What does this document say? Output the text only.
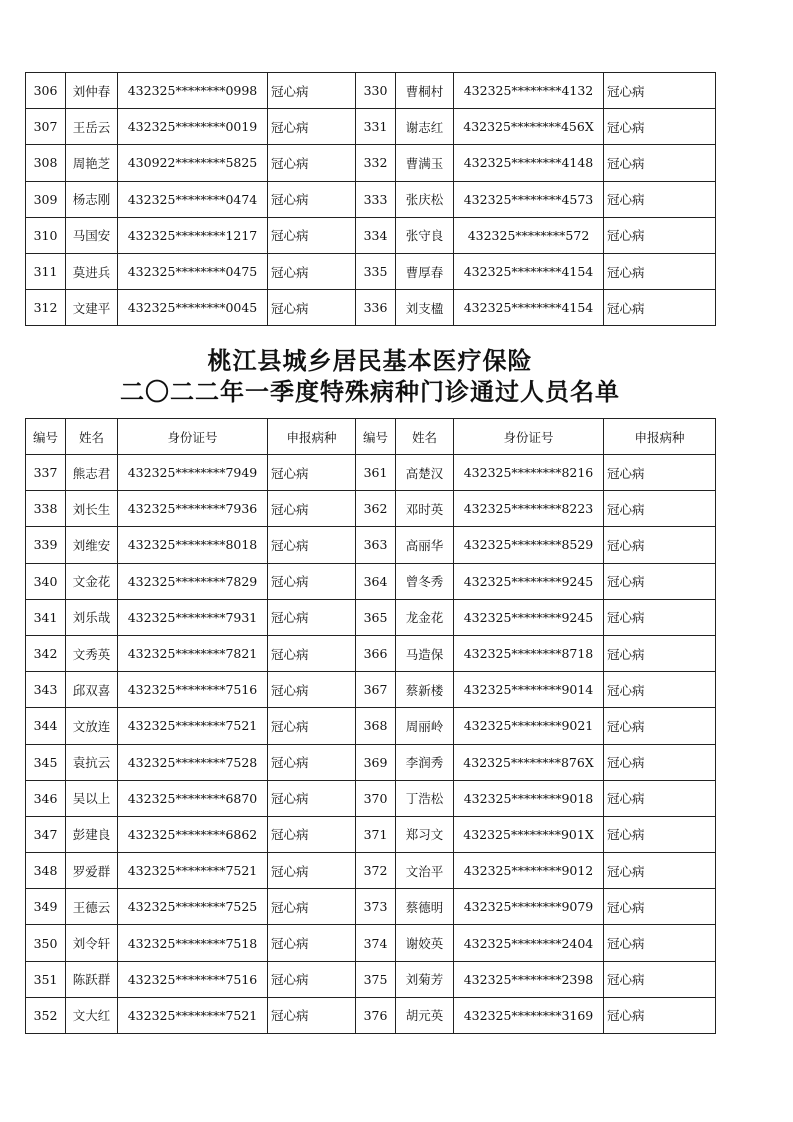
306	刘仲春	432325********0998	冠心病	330	曹桐村	432325********4132	冠心病
307	王岳云	432325********0019	冠心病	331	谢志红	432325********456X	冠心病
308	周艳芝	430922********5825	冠心病	332	曹满玉	432325********4148	冠心病
309	杨志刚	432325********0474	冠心病	333	张庆松	432325********4573	冠心病
310	马国安	432325********1217	冠心病	334	张守良	432325********572	冠心病
311	莫进兵	432325********0475	冠心病	335	曹厚春	432325********4154	冠心病
312	文建平	432325********0045	冠心病	336	刘支楹	432325********4154	冠心病
桃江县城乡居民基本医疗保险
二〇二二年一季度特殊病种门诊通过人员名单
编号	姓名	身份证号	申报病种	编号	姓名	身份证号	申报病种
337	熊志君	432325********7949	冠心病	361	高楚汉	432325********8216	冠心病
338	刘长生	432325********7936	冠心病	362	邓时英	432325********8223	冠心病
339	刘维安	432325********8018	冠心病	363	高丽华	432325********8529	冠心病
340	文金花	432325********7829	冠心病	364	曾冬秀	432325********9245	冠心病
341	刘乐哉	432325********7931	冠心病	365	龙金花	432325********9245	冠心病
342	文秀英	432325********7821	冠心病	366	马造保	432325********8718	冠心病
343	邱双喜	432325********7516	冠心病	367	蔡新楼	432325********9014	冠心病
344	文放连	432325********7521	冠心病	368	周丽岭	432325********9021	冠心病
345	袁抗云	432325********7528	冠心病	369	李润秀	432325********876X	冠心病
346	吴以上	432325********6870	冠心病	370	丁浩松	432325********9018	冠心病
347	彭建良	432325********6862	冠心病	371	郑习文	432325********901X	冠心病
348	罗爱群	432325********7521	冠心病	372	文治平	432325********9012	冠心病
349	王德云	432325********7525	冠心病	373	蔡德明	432325********9079	冠心病
350	刘令轩	432325********7518	冠心病	374	谢姣英	432325********2404	冠心病
351	陈跃群	432325********7516	冠心病	375	刘菊芳	432325********2398	冠心病
352	文大红	432325********7521	冠心病	376	胡元英	432325********3169	冠心病
